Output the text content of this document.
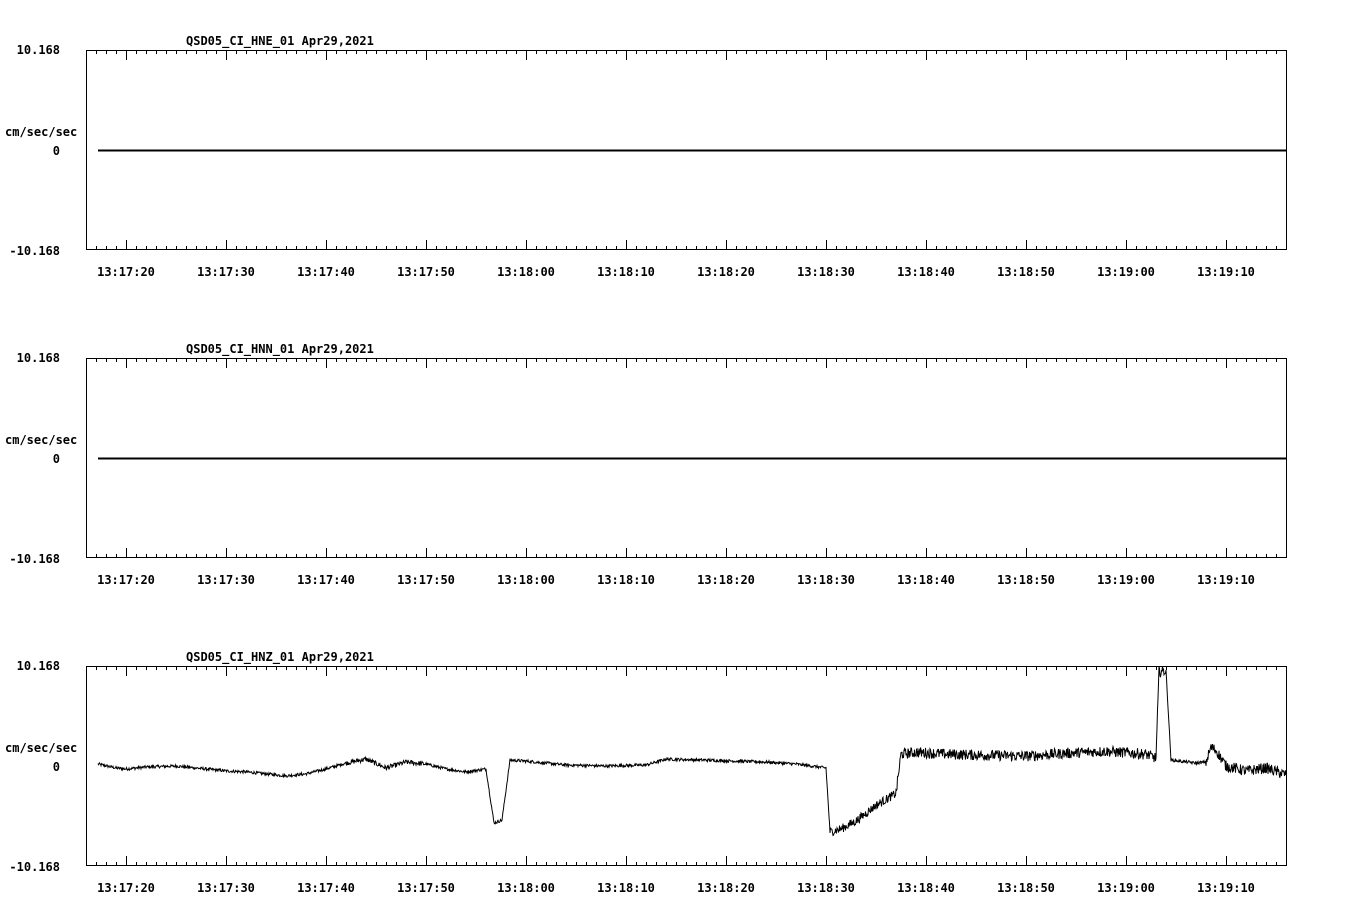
QSD05_CI_HNE_01 Apr29,2021
cm/sec/sec
10.168
0
-10.168
13:17:20	13:17:30	13:17:40	13:17:50	13:18:00	13:18:10	13:18:20	13:18:30	13:18:40	13:18:50	13:19:00	13:19:10
QSD05_CI_HNN_01 Apr29,2021
cm/sec/sec
10.168
0
-10.168
13:17:20	13:17:30	13:17:40	13:17:50	13:18:00	13:18:10	13:18:20	13:18:30	13:18:40	13:18:50	13:19:00	13:19:10
QSD05_CI_HNZ_01 Apr29,2021
cm/sec/sec
10.168
0
-10.168
13:17:20	13:17:30	13:17:40	13:17:50	13:18:00	13:18:10	13:18:20	13:18:30	13:18:40	13:18:50	13:19:00	13:19:10
